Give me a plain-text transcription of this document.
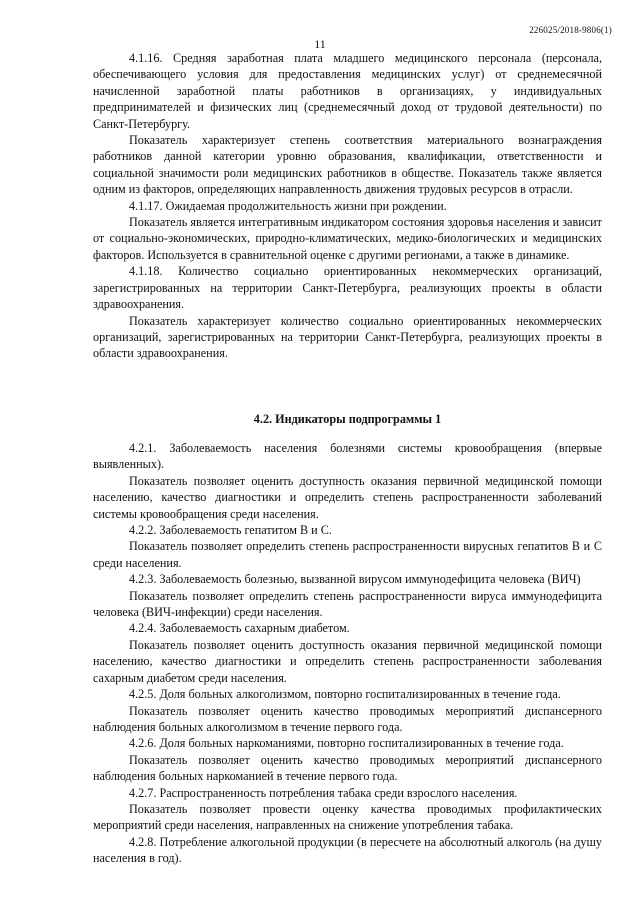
226025/2018-9806(1)
11

4.1.16. Средняя заработная плата младшего медицинского персонала (персонала, обеспечивающего условия для предоставления медицинских услуг) от среднемесячной начисленной заработной платы работников в организациях, у индивидуальных предпринимателей и физических лиц (среднемесячный доход от трудовой деятельности) по Санкт-Петербургу.

Показатель характеризует степень соответствия материального вознаграждения работников данной категории уровню образования, квалификации, ответственности и социальной значимости роли медицинских работников в обществе. Показатель также является одним из факторов, определяющих направленность движения трудовых ресурсов в отрасли.

4.1.17. Ожидаемая продолжительность жизни при рождении.

Показатель является интегративным индикатором состояния здоровья населения и зависит от социально-экономических, природно-климатических, медико-биологических и медицинских факторов. Используется в сравнительной оценке с другими регионами, а также в динамике.

4.1.18. Количество социально ориентированных некоммерческих организаций, зарегистрированных на территории Санкт-Петербурга, реализующих проекты в области здравоохранения.

Показатель характеризует количество социально ориентированных некоммерческих организаций, зарегистрированных на территории Санкт-Петербурга, реализующих проекты в области здравоохранения.

4.2. Индикаторы подпрограммы 1

4.2.1. Заболеваемость населения болезнями системы кровообращения (впервые выявленных).

Показатель позволяет оценить доступность оказания первичной медицинской помощи населению, качество диагностики и определить степень распространенности заболеваний системы кровообращения среди населения.

4.2.2. Заболеваемость гепатитом В и С.

Показатель позволяет определить степень распространенности вирусных гепатитов В и С среди населения.

4.2.3. Заболеваемость болезнью, вызванной вирусом иммунодефицита человека (ВИЧ)

Показатель позволяет определить степень распространенности вируса иммунодефицита человека (ВИЧ-инфекции) среди населения.

4.2.4. Заболеваемость сахарным диабетом.

Показатель позволяет оценить доступность оказания первичной медицинской помощи населению, качество диагностики и определить степень распространенности заболевания сахарным диабетом среди населения.

4.2.5. Доля больных алкоголизмом, повторно госпитализированных в течение года.

Показатель позволяет оценить качество проводимых мероприятий диспансерного наблюдения больных алкоголизмом в течение первого года.

4.2.6. Доля больных наркоманиями, повторно госпитализированных в течение года.

Показатель позволяет оценить качество проводимых мероприятий диспансерного наблюдения больных наркоманией в течение первого года.

4.2.7. Распространенность потребления табака среди взрослого населения.

Показатель позволяет провести оценку качества проводимых профилактических мероприятий среди населения, направленных на снижение употребления табака.

4.2.8. Потребление алкогольной продукции (в пересчете на абсолютный алкоголь (на душу населения в год).
